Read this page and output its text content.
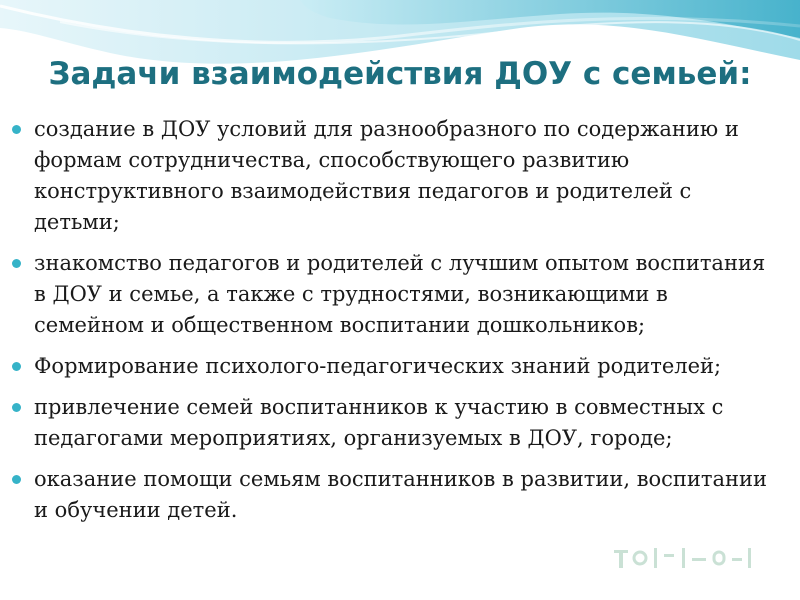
Задачи взаимодействия ДОУ с семьей:
создание в ДОУ условий для разнообразного по содержанию и формам сотрудничества, способствующего развитию конструктивного взаимодействия педагогов и родителей с детьми;
знакомство педагогов и родителей с лучшим опытом воспитания в ДОУ и семье, а также с трудностями, возникающими в семейном и общественном воспитании дошкольников;
Формирование психолого-педагогических знаний родителей;
привлечение семей воспитанников к участию в совместных с педагогами мероприятиях, организуемых в ДОУ, городе;
оказание помощи семьям воспитанников в развитии, воспитании и обучении детей.
